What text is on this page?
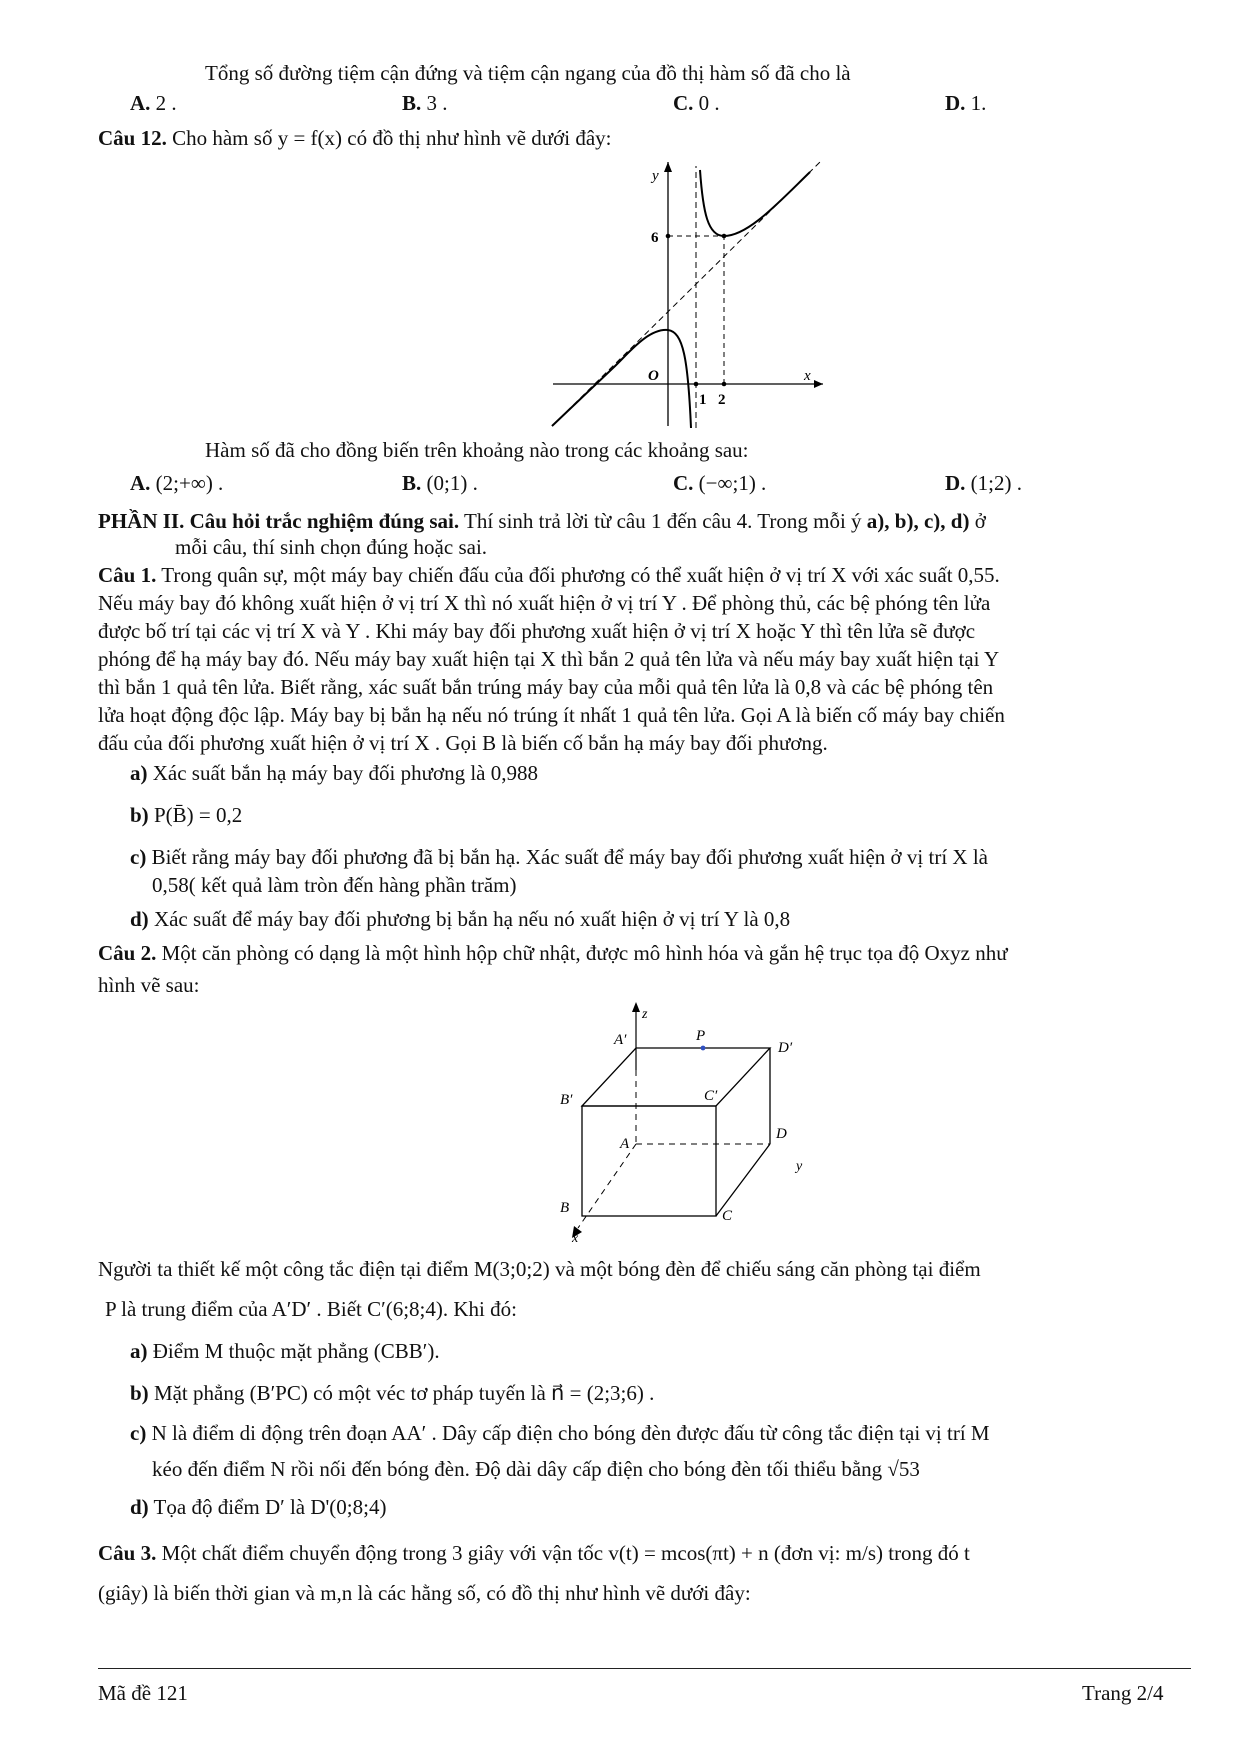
Tổng số đường tiệm cận đứng và tiệm cận ngang của đồ thị hàm số đã cho là
A. 2 .	B. 3 .	C. 0 .	D. 1.
Câu 12. Cho hàm số y = f(x) có đồ thị như hình vẽ dưới đây:
y
x
O
6
1 2
Hàm số đã cho đồng biến trên khoảng nào trong các khoảng sau:
A. (2;+∞) .	B. (0;1) .	C. (−∞;1) .	D. (1;2) .
PHẦN II. Câu hỏi trắc nghiệm đúng sai. Thí sinh trả lời từ câu 1 đến câu 4. Trong mỗi ý a), b), c), d) ở
mỗi câu, thí sinh chọn đúng hoặc sai.
Câu 1. Trong quân sự, một máy bay chiến đấu của đối phương có thể xuất hiện ở vị trí X với xác suất 0,55.
Nếu máy bay đó không xuất hiện ở vị trí X thì nó xuất hiện ở vị trí Y . Để phòng thủ, các bệ phóng tên lửa
được bố trí tại các vị trí X và Y . Khi máy bay đối phương xuất hiện ở vị trí X hoặc Y thì tên lửa sẽ được
phóng để hạ máy bay đó. Nếu máy bay xuất hiện tại X thì bắn 2 quả tên lửa và nếu máy bay xuất hiện tại Y
thì bắn 1 quả tên lửa. Biết rằng, xác suất bắn trúng máy bay của mỗi quả tên lửa là 0,8 và các bệ phóng tên
lửa hoạt động độc lập. Máy bay bị bắn hạ nếu nó trúng ít nhất 1 quả tên lửa. Gọi A là biến cố máy bay chiến
đấu của đối phương xuất hiện ở vị trí X . Gọi B là biến cố bắn hạ máy bay đối phương.
a) Xác suất bắn hạ máy bay đối phương là 0,988
b) P(B̄) = 0,2
c) Biết rằng máy bay đối phương đã bị bắn hạ. Xác suất để máy bay đối phương xuất hiện ở vị trí X là
0,58( kết quả làm tròn đến hàng phần trăm)
d) Xác suất để máy bay đối phương bị bắn hạ nếu nó xuất hiện ở vị trí Y là 0,8
Câu 2. Một căn phòng có dạng là một hình hộp chữ nhật, được mô hình hóa và gắn hệ trục tọa độ Oxyz như
hình vẽ sau:
z
A′	P
D′
B′	C′
A
D
y
B	C
x
Người ta thiết kế một công tắc điện tại điểm M(3;0;2) và một bóng đèn để chiếu sáng căn phòng tại điểm
P là trung điểm của A′D′ . Biết C′(6;8;4). Khi đó:
a) Điểm M thuộc mặt phẳng (CBB′).
b) Mặt phẳng (B′PC) có một véc tơ pháp tuyến là n⃗ = (2;3;6) .
c) N là điểm di động trên đoạn AA′ . Dây cấp điện cho bóng đèn được đấu từ công tắc điện tại vị trí M
kéo đến điểm N rồi nối đến bóng đèn. Độ dài dây cấp điện cho bóng đèn tối thiểu bằng √53
d) Tọa độ điểm D′ là D'(0;8;4)
Câu 3. Một chất điểm chuyển động trong 3 giây với vận tốc v(t) = mcos(πt) + n (đơn vị: m/s) trong đó t
(giây) là biến thời gian và m,n là các hằng số, có đồ thị như hình vẽ dưới đây:
Mã đề 121	Trang 2/4
